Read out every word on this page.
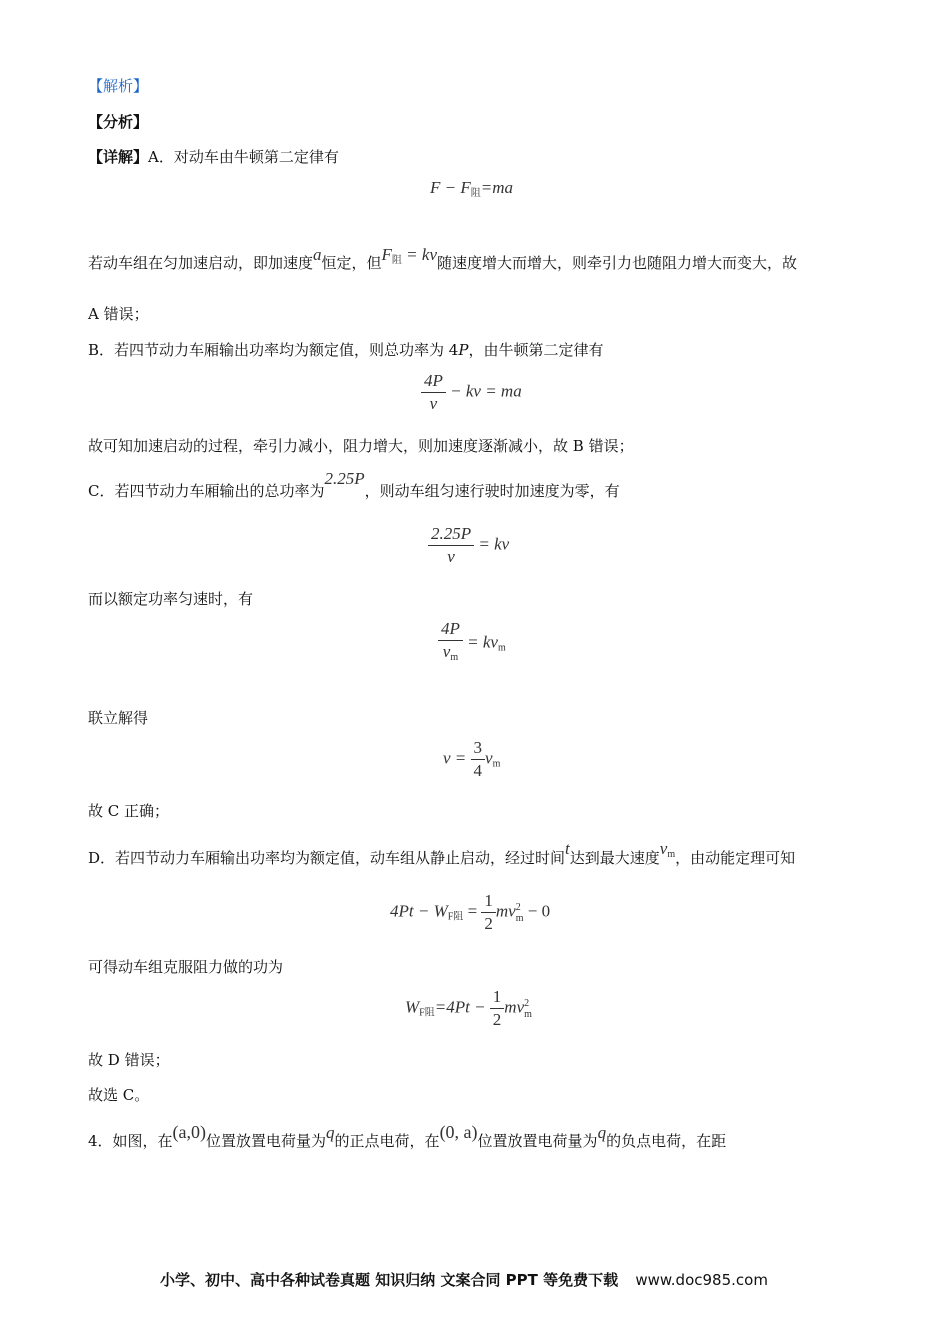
【解析】
【分析】
【详解】A．对动车由牛顿第二定律有
$F - F_阻=ma$
若动车组在匀加速启动，即加速度a恒定，但$F_阻$ = kv随速度增大而增大，则牵引力也随阻力增大而变大，故
A 错误；
B．若四节动力车厢输出功率均为额定值，则总功率为 4P，由牛顿第二定律有
$\frac{4P}{v}$ − kv = ma
故可知加速启动的过程，牵引力减小，阻力增大，则加速度逐渐减小，故 B 错误；
C．若四节动力车厢输出的总功率为2.25P，则动车组匀速行驶时加速度为零，有
$\frac{2.25P}{v}$ = kv
而以额定功率匀速时，有
$\frac{4P}{v_m} = kv_m$
联立解得
$v = \frac{3}{4} v_m$
故 C 正确；
D．若四节动力车厢输出功率均为额定值，动车组从静止启动，经过时间t达到最大速度$v_m$，由动能定理可知
$4Pt - W_{F阻} = \frac{1}{2}$ mv 2
m − 0
可得动车组克服阻力做的功为
$W_{F阻}=4Pt - \frac{1}{2}$ mv 2
m
故 D 错误；
故选 C。
4．如图，在(a,0)位置放置电荷量为q的正点电荷，在(0, a)位置放置电荷量为q的负点电荷，在距
小学、初中、高中各种试卷真题 知识归纳 文案合同 PPT 等免费下载 www.doc985.com
